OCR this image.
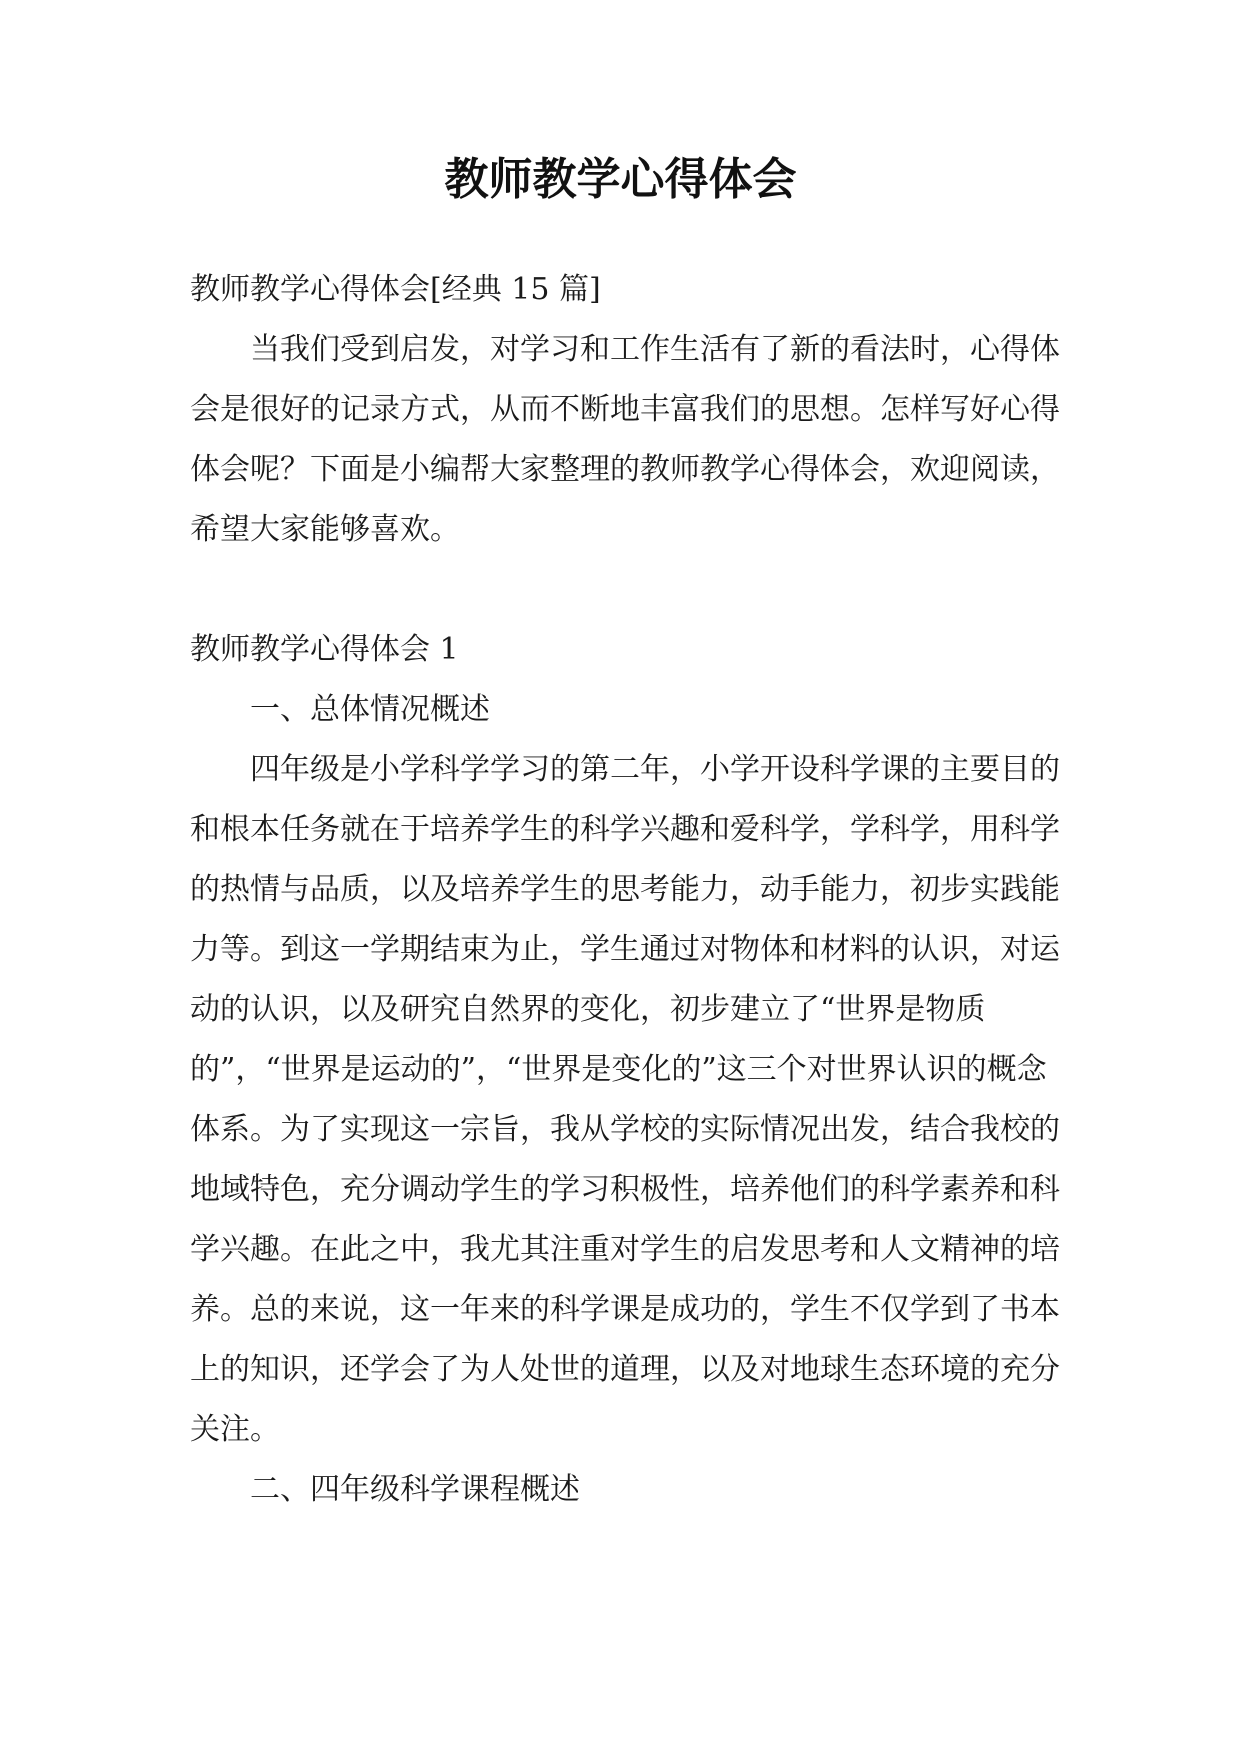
教师教学心得体会

教师教学心得体会[经典 15 篇]

当我们受到启发，对学习和工作生活有了新的看法时，心得体会是很好的记录方式，从而不断地丰富我们的思想。怎样写好心得体会呢？下面是小编帮大家整理的教师教学心得体会，欢迎阅读，希望大家能够喜欢。

教师教学心得体会 1

一、总体情况概述

四年级是小学科学学习的第二年，小学开设科学课的主要目的和根本任务就在于培养学生的科学兴趣和爱科学，学科学，用科学的热情与品质，以及培养学生的思考能力，动手能力，初步实践能力等。到这一学期结束为止，学生通过对物体和材料的认识，对运动的认识，以及研究自然界的变化，初步建立了“世界是物质的”，“世界是运动的”，“世界是变化的”这三个对世界认识的概念体系。为了实现这一宗旨，我从学校的实际情况出发，结合我校的地域特色，充分调动学生的学习积极性，培养他们的科学素养和科学兴趣。在此之中，我尤其注重对学生的启发思考和人文精神的培养。总的来说，这一年来的科学课是成功的，学生不仅学到了书本上的知识，还学会了为人处世的道理，以及对地球生态环境的充分关注。

二、四年级科学课程概述
